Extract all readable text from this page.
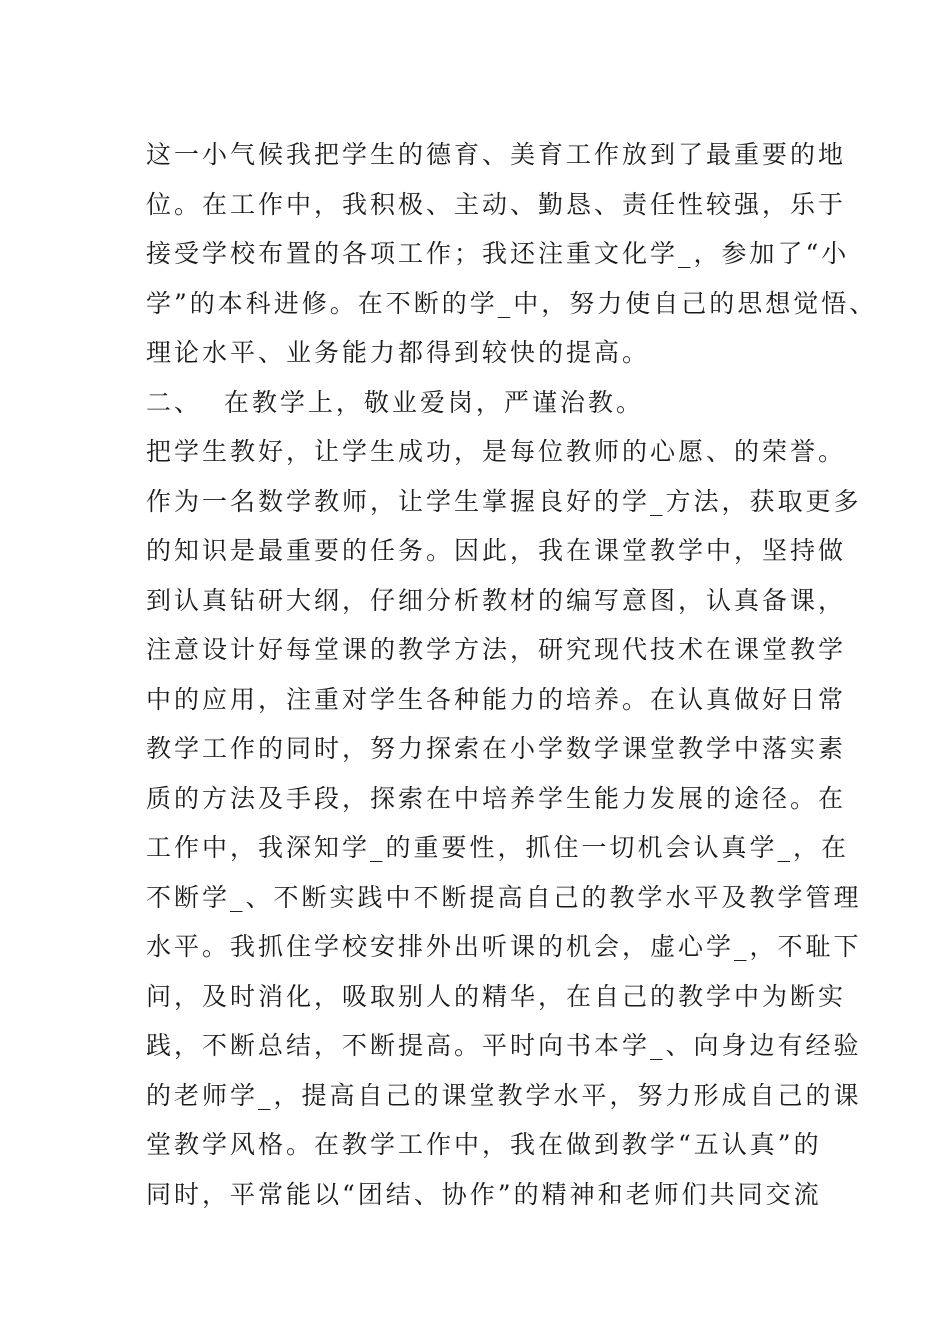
这一小气候我把学生的德育、美育工作放到了最重要的地
位。在工作中，我积极、主动、勤恳、责任性较强，乐于
接受学校布置的各项工作；我还注重文化学_，参加了“小
学”的本科进修。在不断的学_中，努力使自己的思想觉悟、
理论水平、业务能力都得到较快的提高。
二、  在教学上，敬业爱岗，严谨治教。
把学生教好，让学生成功，是每位教师的心愿、的荣誉。
作为一名数学教师，让学生掌握良好的学_方法，获取更多
的知识是最重要的任务。因此，我在课堂教学中，坚持做
到认真钻研大纲，仔细分析教材的编写意图，认真备课，
注意设计好每堂课的教学方法，研究现代技术在课堂教学
中的应用，注重对学生各种能力的培养。在认真做好日常
教学工作的同时，努力探索在小学数学课堂教学中落实素
质的方法及手段，探索在中培养学生能力发展的途径。在
工作中，我深知学_的重要性，抓住一切机会认真学_，在
不断学_、不断实践中不断提高自己的教学水平及教学管理
水平。我抓住学校安排外出听课的机会，虚心学_，不耻下
问，及时消化，吸取别人的精华，在自己的教学中为断实
践，不断总结，不断提高。平时向书本学_、向身边有经验
的老师学_，提高自己的课堂教学水平，努力形成自己的课
堂教学风格。在教学工作中，我在做到教学“五认真”的
同时，平常能以“团结、协作”的精神和老师们共同交流
